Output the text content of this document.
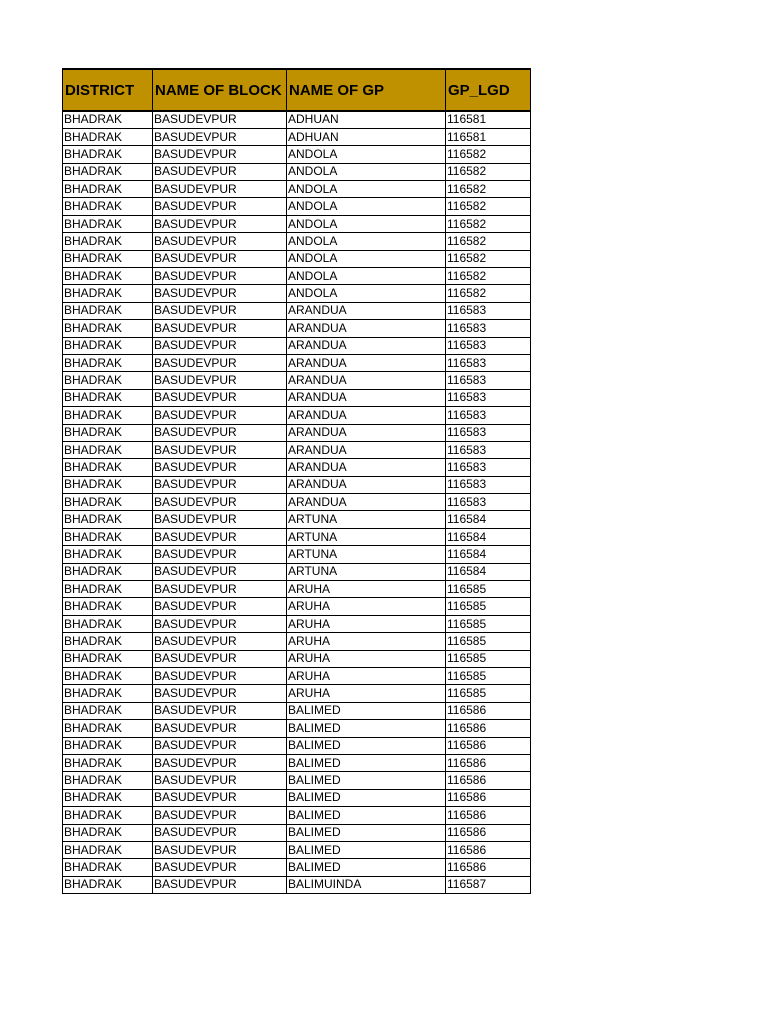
DISTRICT	NAME OF BLOCK	NAME OF GP	GP_LGD
BHADRAK	BASUDEVPUR	ADHUAN	116581
BHADRAK	BASUDEVPUR	ADHUAN	116581
BHADRAK	BASUDEVPUR	ANDOLA	116582
BHADRAK	BASUDEVPUR	ANDOLA	116582
BHADRAK	BASUDEVPUR	ANDOLA	116582
BHADRAK	BASUDEVPUR	ANDOLA	116582
BHADRAK	BASUDEVPUR	ANDOLA	116582
BHADRAK	BASUDEVPUR	ANDOLA	116582
BHADRAK	BASUDEVPUR	ANDOLA	116582
BHADRAK	BASUDEVPUR	ANDOLA	116582
BHADRAK	BASUDEVPUR	ANDOLA	116582
BHADRAK	BASUDEVPUR	ARANDUA	116583
BHADRAK	BASUDEVPUR	ARANDUA	116583
BHADRAK	BASUDEVPUR	ARANDUA	116583
BHADRAK	BASUDEVPUR	ARANDUA	116583
BHADRAK	BASUDEVPUR	ARANDUA	116583
BHADRAK	BASUDEVPUR	ARANDUA	116583
BHADRAK	BASUDEVPUR	ARANDUA	116583
BHADRAK	BASUDEVPUR	ARANDUA	116583
BHADRAK	BASUDEVPUR	ARANDUA	116583
BHADRAK	BASUDEVPUR	ARANDUA	116583
BHADRAK	BASUDEVPUR	ARANDUA	116583
BHADRAK	BASUDEVPUR	ARANDUA	116583
BHADRAK	BASUDEVPUR	ARTUNA	116584
BHADRAK	BASUDEVPUR	ARTUNA	116584
BHADRAK	BASUDEVPUR	ARTUNA	116584
BHADRAK	BASUDEVPUR	ARTUNA	116584
BHADRAK	BASUDEVPUR	ARUHA	116585
BHADRAK	BASUDEVPUR	ARUHA	116585
BHADRAK	BASUDEVPUR	ARUHA	116585
BHADRAK	BASUDEVPUR	ARUHA	116585
BHADRAK	BASUDEVPUR	ARUHA	116585
BHADRAK	BASUDEVPUR	ARUHA	116585
BHADRAK	BASUDEVPUR	ARUHA	116585
BHADRAK	BASUDEVPUR	BALIMED	116586
BHADRAK	BASUDEVPUR	BALIMED	116586
BHADRAK	BASUDEVPUR	BALIMED	116586
BHADRAK	BASUDEVPUR	BALIMED	116586
BHADRAK	BASUDEVPUR	BALIMED	116586
BHADRAK	BASUDEVPUR	BALIMED	116586
BHADRAK	BASUDEVPUR	BALIMED	116586
BHADRAK	BASUDEVPUR	BALIMED	116586
BHADRAK	BASUDEVPUR	BALIMED	116586
BHADRAK	BASUDEVPUR	BALIMED	116586
BHADRAK	BASUDEVPUR	BALIMUINDA	116587
